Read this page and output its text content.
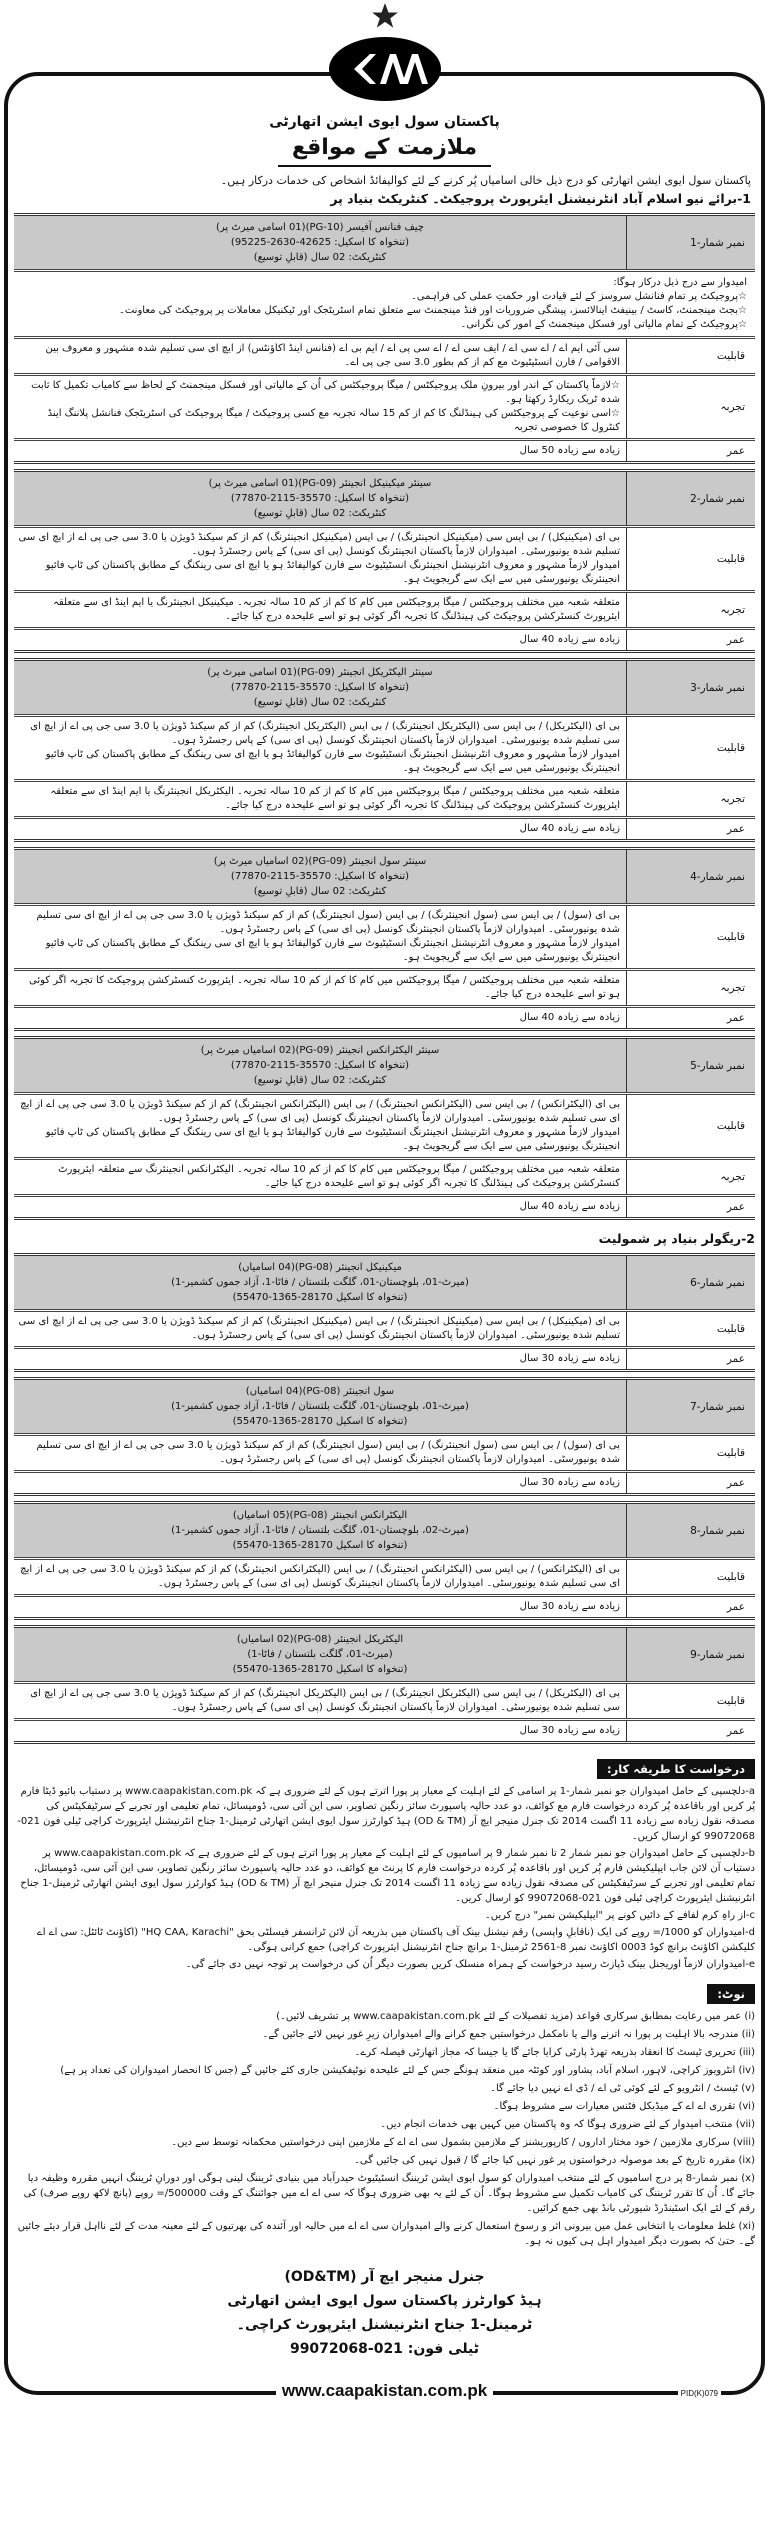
پاکستان سول ایوی ایشن اتھارٹی
ملازمت کے مواقع
پاکستان سول ایوی ایشن اتھارٹی کو درج ذیل خالی اسامیاں پُر کرنے کے لئے کوالیفائڈ اشخاص کی خدمات درکار ہیں۔
1-برائے نیو اسلام آباد انٹرنیشنل ایئرپورٹ پروجیکٹ۔ کنٹریکٹ بنیاد پر
نمبر شمار-1
چیف فنانس آفیسر (PG-10)(01 اسامی میرٹ پر)
(تنخواہ کا اسکیل: 42625-2630-95225)
کنٹریکٹ: 02 سال (قابلِ توسیع)
امیدوار سے درج ذیل درکار ہوگا:
☆پروجیکٹ پر تمام فنانشل سروسز کے لئے قیادت اور حکمتِ عملی کی فراہمی۔
☆بجٹ مینجمنٹ، کاسٹ / بینیفٹ اینالائسز، پیشگی ضروریات اور فنڈ مینجمنٹ سے متعلق تمام اسٹریٹجک اور ٹیکنیکل معاملات پر پروجیکٹ کی معاونت۔
☆پروجیکٹ کے تمام مالیاتی اور فسکل مینجمنٹ کے امور کی نگرانی۔
قابلیت
سی آئی ایم اے / اے سی اے / ایف سی اے / اے سی پی اے / ایم بی اے (فنانس اینڈ اکاؤنٹس) از ایچ ای سی تسلیم شدہ مشہور و معروف بین الاقوامی / فارن انسٹیٹیوٹ مع کم از کم بطور 3.0 سی جی پی اے۔
تجربہ
☆لازماً پاکستان کے اندر اور بیرونِ ملک پروجیکٹس / میگا پروجیکٹس کی اُن کے مالیاتی اور فسکل مینجمنٹ کے لحاظ سے کامیاب تکمیل کا ثابت شدہ ٹریک ریکارڈ رکھتا ہو۔
☆اسی نوعیت کے پروجیکٹس کی ہینڈلنگ کا کم از کم 15 سالہ تجربہ مع کسی پروجیکٹ / میگا پروجیکٹ کی اسٹریٹجک فنانشل پلاننگ اینڈ کنٹرول کا خصوصی تجربہ
عمر
زیادہ سے زیادہ 50 سال
نمبر شمار-2
سینئر میکینیکل انجینئر (PG-09)(01 اسامی میرٹ پر)
(تنخواہ کا اسکیل: 35570-2115-77870)
کنٹریکٹ: 02 سال (قابلِ توسیع)
قابلیت
بی ای (میکینیکل) / بی ایس سی (میکینیکل انجینئرنگ) / بی ایس (میکینیکل انجینئرنگ) کم از کم سیکنڈ ڈویژن یا 3.0 سی جی پی اے از ایچ ای سی تسلیم شدہ یونیورسٹی۔ امیدواران لازماً پاکستان انجینئرنگ کونسل (پی ای سی) کے پاس رجسٹرڈ ہوں۔
امیدوار لازماً مشہور و معروف انٹرنیشنل انجینئرنگ انسٹیٹیوٹ سے فارن کوالیفائڈ ہو یا ایچ ای سی رینکنگ کے مطابق پاکستان کی ٹاپ فائیو انجینئرنگ یونیورسٹی میں سے ایک سے گریجویٹ ہو۔
تجربہ
متعلقہ شعبہ میں مختلف پروجیکٹس / میگا پروجیکٹس میں کام کا کم از کم 10 سالہ تجربہ۔ میکینیکل انجینئرنگ یا ایم اینڈ ای سے متعلقہ ایئرپورٹ کنسٹرکشن پروجیکٹ کی ہینڈلنگ کا تجربہ اگر کوئی ہو تو اسے علیحدہ درج کیا جائے۔
عمر
زیادہ سے زیادہ 40 سال
نمبر شمار-3
سینئر الیکٹریکل انجینئر (PG-09)(01 اسامی میرٹ پر)
(تنخواہ کا اسکیل: 35570-2115-77870)
کنٹریکٹ: 02 سال (قابلِ توسیع)
قابلیت
بی ای (الیکٹریکل) / بی ایس سی (الیکٹریکل انجینئرنگ) / بی ایس (الیکٹریکل انجینئرنگ) کم از کم سیکنڈ ڈویژن یا 3.0 سی جی پی اے از ایچ ای سی تسلیم شدہ یونیورسٹی۔ امیدواران لازماً پاکستان انجینئرنگ کونسل (پی ای سی) کے پاس رجسٹرڈ ہوں۔
امیدوار لازماً مشہور و معروف انٹرنیشنل انجینئرنگ انسٹیٹیوٹ سے فارن کوالیفائڈ ہو یا ایچ ای سی رینکنگ کے مطابق پاکستان کی ٹاپ فائیو انجینئرنگ یونیورسٹی میں سے ایک سے گریجویٹ ہو۔
تجربہ
متعلقہ شعبہ میں مختلف پروجیکٹس / میگا پروجیکٹس میں کام کا کم از کم 10 سالہ تجربہ۔ الیکٹریکل انجینئرنگ یا ایم اینڈ ای سے متعلقہ ایئرپورٹ کنسٹرکشن پروجیکٹ کی ہینڈلنگ کا تجربہ اگر کوئی ہو تو اسے علیحدہ درج کیا جائے۔
عمر
زیادہ سے زیادہ 40 سال
نمبر شمار-4
سینئر سول انجینئر (PG-09)(02 اسامیاں میرٹ پر)
(تنخواہ کا اسکیل: 35570-2115-77870)
کنٹریکٹ: 02 سال (قابلِ توسیع)
قابلیت
بی ای (سول) / بی ایس سی (سول انجینئرنگ) / بی ایس (سول انجینئرنگ) کم از کم سیکنڈ ڈویژن یا 3.0 سی جی پی اے از ایچ ای سی تسلیم شدہ یونیورسٹی۔ امیدواران لازماً پاکستان انجینئرنگ کونسل (پی ای سی) کے پاس رجسٹرڈ ہوں۔
امیدوار لازماً مشہور و معروف انٹرنیشنل انجینئرنگ انسٹیٹیوٹ سے فارن کوالیفائڈ ہو یا ایچ ای سی رینکنگ کے مطابق پاکستان کی ٹاپ فائیو انجینئرنگ یونیورسٹی میں سے ایک سے گریجویٹ ہو۔
تجربہ
متعلقہ شعبہ میں مختلف پروجیکٹس / میگا پروجیکٹس میں کام کا کم از کم 10 سالہ تجربہ۔ ایئرپورٹ کنسٹرکشن پروجیکٹ کا تجربہ اگر کوئی ہو تو اسے علیحدہ درج کیا جائے۔
عمر
زیادہ سے زیادہ 40 سال
نمبر شمار-5
سینئر الیکٹرانکس انجینئر (PG-09)(02 اسامیاں میرٹ پر)
(تنخواہ کا اسکیل: 35570-2115-77870)
کنٹریکٹ: 02 سال (قابلِ توسیع)
قابلیت
بی ای (الیکٹرانکس) / بی ایس سی (الیکٹرانکس انجینئرنگ) / بی ایس (الیکٹرانکس انجینئرنگ) کم از کم سیکنڈ ڈویژن یا 3.0 سی جی پی اے از ایچ ای سی تسلیم شدہ یونیورسٹی۔ امیدواران لازماً پاکستان انجینئرنگ کونسل (پی ای سی) کے پاس رجسٹرڈ ہوں۔
امیدوار لازماً مشہور و معروف انٹرنیشنل انجینئرنگ انسٹیٹیوٹ سے فارن کوالیفائڈ ہو یا ایچ ای سی رینکنگ کے مطابق پاکستان کی ٹاپ فائیو انجینئرنگ یونیورسٹی میں سے ایک سے گریجویٹ ہو۔
تجربہ
متعلقہ شعبہ میں مختلف پروجیکٹس / میگا پروجیکٹس میں کام کا کم از کم 10 سالہ تجربہ۔ الیکٹرانکس انجینئرنگ سے متعلقہ ایئرپورٹ کنسٹرکشن پروجیکٹ کی ہینڈلنگ کا تجربہ اگر کوئی ہو تو اسے علیحدہ درج کیا جائے۔
عمر
زیادہ سے زیادہ 40 سال
2-ریگولر بنیاد پر شمولیت
نمبر شمار-6
میکینیکل انجینئر (PG-08)(04 اسامیاں)
(میرٹ-01، بلوچستان-01، گلگت بلتستان / فاٹا-1، آزاد جموں کشمیر-1)
(تنخواہ کا اسکیل 28170-1365-55470)
قابلیت
بی ای (میکینیکل) / بی ایس سی (میکینیکل انجینئرنگ) / بی ایس (میکینیکل انجینئرنگ) کم از کم سیکنڈ ڈویژن یا 3.0 سی جی پی اے از ایچ ای سی تسلیم شدہ یونیورسٹی۔ امیدواران لازماً پاکستان انجینئرنگ کونسل (پی ای سی) کے پاس رجسٹرڈ ہوں۔
عمر
زیادہ سے زیادہ 30 سال
نمبر شمار-7
سول انجینئر (PG-08)(04 اسامیاں)
(میرٹ-01، بلوچستان-01، گلگت بلتستان / فاٹا-1، آزاد جموں کشمیر-1)
(تنخواہ کا اسکیل 28170-1365-55470)
قابلیت
بی ای (سول) / بی ایس سی (سول انجینئرنگ) / بی ایس (سول انجینئرنگ) کم از کم سیکنڈ ڈویژن یا 3.0 سی جی پی اے از ایچ ای سی تسلیم شدہ یونیورسٹی۔ امیدواران لازماً پاکستان انجینئرنگ کونسل (پی ای سی) کے پاس رجسٹرڈ ہوں۔
عمر
زیادہ سے زیادہ 30 سال
نمبر شمار-8
الیکٹرانکس انجینئر (PG-08)(05 اسامیاں)
(میرٹ-02، بلوچستان-01، گلگت بلتستان / فاٹا-1، آزاد جموں کشمیر-1)
(تنخواہ کا اسکیل 28170-1365-55470)
قابلیت
بی ای (الیکٹرانکس) / بی ایس سی (الیکٹرانکس انجینئرنگ) / بی ایس (الیکٹرانکس انجینئرنگ) کم از کم سیکنڈ ڈویژن یا 3.0 سی جی پی اے از ایچ ای سی تسلیم شدہ یونیورسٹی۔ امیدواران لازماً پاکستان انجینئرنگ کونسل (پی ای سی) کے پاس رجسٹرڈ ہوں۔
عمر
زیادہ سے زیادہ 30 سال
نمبر شمار-9
الیکٹریکل انجینئر (PG-08)(02 اسامیاں)
(میرٹ-01، گلگت بلتستان / فاٹا-1)
(تنخواہ کا اسکیل 28170-1365-55470)
قابلیت
بی ای (الیکٹریکل) / بی ایس سی (الیکٹریکل انجینئرنگ) / بی ایس (الیکٹریکل انجینئرنگ) کم از کم سیکنڈ ڈویژن یا 3.0 سی جی پی اے از ایچ ای سی تسلیم شدہ یونیورسٹی۔ امیدواران لازماً پاکستان انجینئرنگ کونسل (پی ای سی) کے پاس رجسٹرڈ ہوں۔
عمر
زیادہ سے زیادہ 30 سال
درخواست کا طریقہ کار:
a-دلچسپی کے حامل امیدواران جو نمبر شمار-1 پر اسامی کے لئے اہلیت کے معیار پر پورا اترتے ہوں کے لئے ضروری ہے کہ www.caapakistan.com.pk پر دستیاب بائیو ڈیٹا فارم پُر کریں اور باقاعدہ پُر کردہ درخواست فارم مع کوائف، دو عدد حالیہ پاسپورٹ سائز رنگین تصاویر، سی این آئی سی، ڈومیسائل، تمام تعلیمی اور تجربے کے سرٹیفکیٹس کی مصدقہ نقول زیادہ سے زیادہ 11 اگست 2014 تک جنرل منیجر ایچ آر (OD & TM) ہیڈ کوارٹرز سول ایوی ایشن اتھارٹی ٹرمینل-1 جناح انٹرنیشنل ایئرپورٹ کراچی ٹیلی فون 021-99072068 کو ارسال کریں۔
b-دلچسپی کے حامل امیدواران جو نمبر شمار 2 تا نمبر شمار 9 پر اسامیوں کے لئے اہلیت کے معیار پر پورا اترتے ہوں کے لئے ضروری ہے کہ www.caapakistan.com.pk پر دستیاب آن لائن جاب ایپلیکیشن فارم پُر کریں اور باقاعدہ پُر کردہ درخواست فارم کا پرنٹ مع کوائف، دو عدد حالیہ پاسپورٹ سائز رنگین تصاویر، سی این آئی سی، ڈومیسائل، تمام تعلیمی اور تجربے کے سرٹیفکیٹس کی مصدقہ نقول زیادہ سے زیادہ 11 اگست 2014 تک جنرل منیجر ایچ آر (OD & TM) ہیڈ کوارٹرز سول ایوی ایشن اتھارٹی ٹرمینل-1 جناح انٹرنیشنل ایئرپورٹ کراچی ٹیلی فون 021-99072068 کو ارسال کریں۔
c-از راہِ کرم لفافے کے دائیں کونے پر "ایپلیکیشن نمبر" درج کریں۔
d-امیدواران کو 1000/= روپے کی ایک (ناقابلِ واپسی) رقم نیشنل بینک آف پاکستان میں بذریعہ آن لائن ٹرانسفر فیسلٹی بحق "HQ CAA, Karachi" (اکاؤنٹ ٹائٹل: سی اے اے کلیکشن اکاؤنٹ برانچ کوڈ 0003 اکاؤنٹ نمبر 8-2561 ٹرمینل-1 برانچ جناح انٹرنیشنل ایئرپورٹ کراچی) جمع کرانی ہوگی۔
e-امیدواران لازماً اوریجنل بینک ڈپازٹ رسید درخواست کے ہمراہ منسلک کریں بصورت دیگر اُن کی درخواست پر توجہ نہیں دی جائے گی۔
نوٹ:
(i) عمر میں رعایت بمطابق سرکاری قواعد (مزید تفصیلات کے لئے www.caapakistan.com.pk پر تشریف لائیں۔)
(ii) مندرجہ بالا اہلیت پر پورا نہ اترنے والے یا نامکمل درخواستیں جمع کرانے والے امیدواران زیرِ غور نہیں لائے جائیں گے۔
(iii) تحریری ٹیسٹ کا انعقاد بذریعہ تھرڈ پارٹی کرایا جائے گا یا جیسا کہ مجاز اتھارٹی فیصلہ کرے۔
(iv) انٹرویوز کراچی، لاہور، اسلام آباد، پشاور اور کوئٹہ میں منعقد ہونگے جس کے لئے علیحدہ نوٹیفکیشن جاری کئے جائیں گے (جس کا انحصار امیدواران کی تعداد پر ہے)
(v) ٹیسٹ / انٹرویو کے لئے کوئی ٹی اے / ڈی اے نہیں دیا جائے گا۔
(vi) تقرری اے اے کے میڈیکل فٹنس معیارات سے مشروط ہوگا۔
(vii) منتخب امیدوار کے لئے ضروری ہوگا کہ وہ پاکستان میں کہیں بھی خدمات انجام دیں۔
(viii) سرکاری ملازمین / خود مختار اداروں / کارپوریشنز کے ملازمین بشمول سی اے اے کے ملازمین اپنی درخواستیں محکمانہ توسط سے دیں۔
(ix) مقررہ تاریخ کے بعد موصولہ درخواستوں پر غور نہیں کیا جائے گا / قبول نہیں کی جائیں گی۔
(x) نمبر شمار-8 پر درج اسامیوں کے لئے منتخب امیدواران کو سول ایوی ایشن ٹریننگ انسٹیٹیوٹ حیدرآباد میں بنیادی ٹریننگ لینی ہوگی اور دورانِ ٹریننگ انہیں مقررہ وظیفہ دیا جائے گا۔ اُن کا تقرر ٹریننگ کی کامیاب تکمیل سے مشروط ہوگا۔ اُن کے لئے یہ بھی ضروری ہوگا کہ سی اے اے میں جوائننگ کے وقت 500000/= روپے (پانچ لاکھ روپے صرف) کی رقم کے لئے ایک اسٹینڈرڈ شیورٹی بانڈ بھی جمع کرائیں۔
(xi) غلط معلومات یا انتخابی عمل میں بیرونی اثر و رسوخ استعمال کرنے والے امیدواران سی اے اے میں حالیہ اور آئندہ کی بھرتیوں کے لئے معینہ مدت کے لئے نااہل قرار دیئے جائیں گے۔ حتیٰ کہ بصورت دیگر امیدوار اہل ہی کیوں نہ ہو۔
جنرل منیجر ایچ آر (OD&TM)
ہیڈ کوارٹرز پاکستان سول ایوی ایشن اتھارٹی
ٹرمینل-1 جناح انٹرنیشنل ایئرپورٹ کراچی۔
ٹیلی فون: 021-99072068
www.caapakistan.com.pk	PID(K)079
